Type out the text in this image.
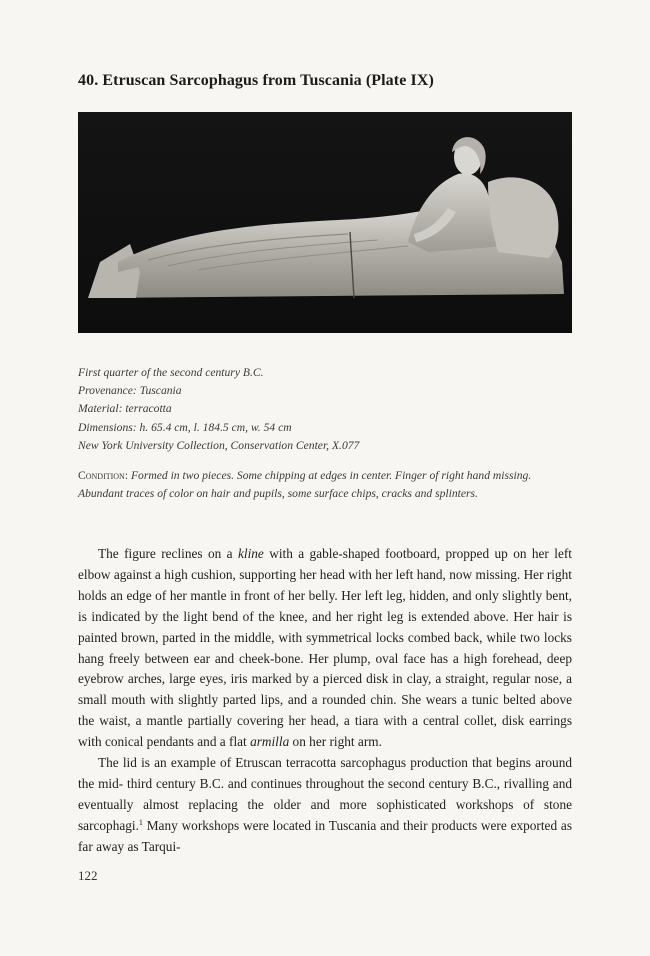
40. Etruscan Sarcophagus from Tuscania (Plate IX)
First quarter of the second century B.C.
Provenance: Tuscania
Material: terracotta
Dimensions: h. 65.4 cm, l. 184.5 cm, w. 54 cm
New York University Collection, Conservation Center, X.077
Condition: Formed in two pieces. Some chipping at edges in center. Finger of right hand missing. Abundant traces of color on hair and pupils, some surface chips, cracks and splinters.

The figure reclines on a kline with a gable-shaped footboard, propped up on her left elbow against a high cushion, supporting her head with her left hand, now missing. Her right holds an edge of her mantle in front of her belly. Her left leg, hidden, and only slightly bent, is indicated by the light bend of the knee, and her right leg is extended above. Her hair is painted brown, parted in the middle, with symmetrical locks combed back, while two locks hang freely between ear and cheek-bone. Her plump, oval face has a high forehead, deep eyebrow arches, large eyes, iris marked by a pierced disk in clay, a straight, regular nose, a small mouth with slightly parted lips, and a rounded chin. She wears a tunic belted above the waist, a mantle partially covering her head, a tiara with a central collet, disk earrings with conical pendants and a flat armilla on her right arm.

The lid is an example of Etruscan terracotta sarcophagus production that begins around the mid- third century B.C. and continues throughout the second century B.C., rivalling and eventually almost replacing the older and more sophisticated workshops of stone sarcophagi.$^1$ Many workshops were located in Tuscania and their products were exported as far away as Tarqui-

122
